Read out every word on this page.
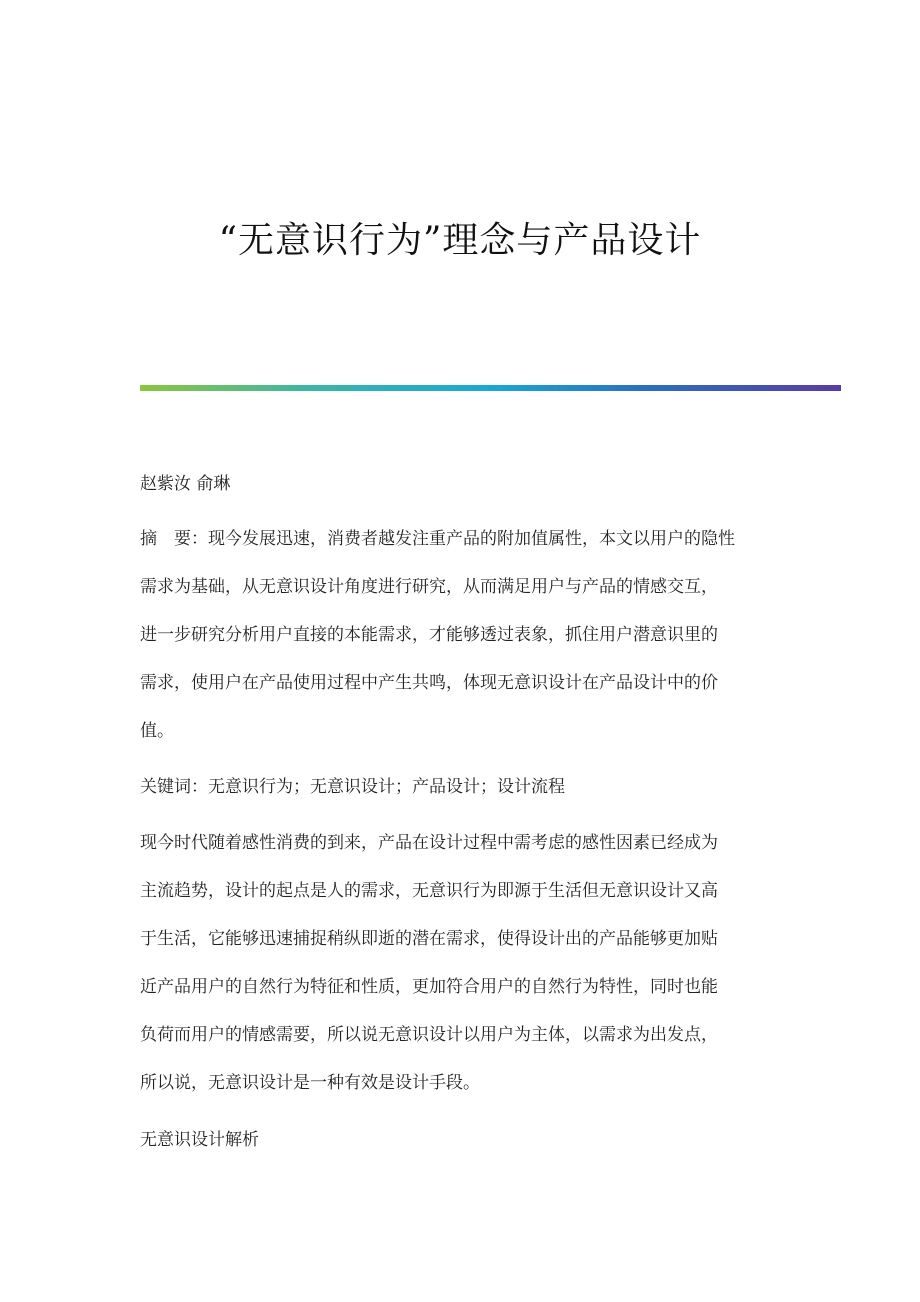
“无意识行为”理念与产品设计
赵紫汝 俞琳
摘　要：现今发展迅速，消费者越发注重产品的附加值属性，本文以用户的隐性
需求为基础，从无意识设计角度进行研究，从而满足用户与产品的情感交互，
进一步研究分析用户直接的本能需求，才能够透过表象，抓住用户潜意识里的
需求，使用户在产品使用过程中产生共鸣，体现无意识设计在产品设计中的价
值。
关键词：无意识行为；无意识设计；产品设计；设计流程
现今时代随着感性消费的到来，产品在设计过程中需考虑的感性因素已经成为
主流趋势，设计的起点是人的需求，无意识行为即源于生活但无意识设计又高
于生活，它能够迅速捕捉稍纵即逝的潜在需求，使得设计出的产品能够更加贴
近产品用户的自然行为特征和性质，更加符合用户的自然行为特性，同时也能
负荷而用户的情感需要，所以说无意识设计以用户为主体，以需求为出发点，
所以说，无意识设计是一种有效是设计手段。
无意识设计解析
